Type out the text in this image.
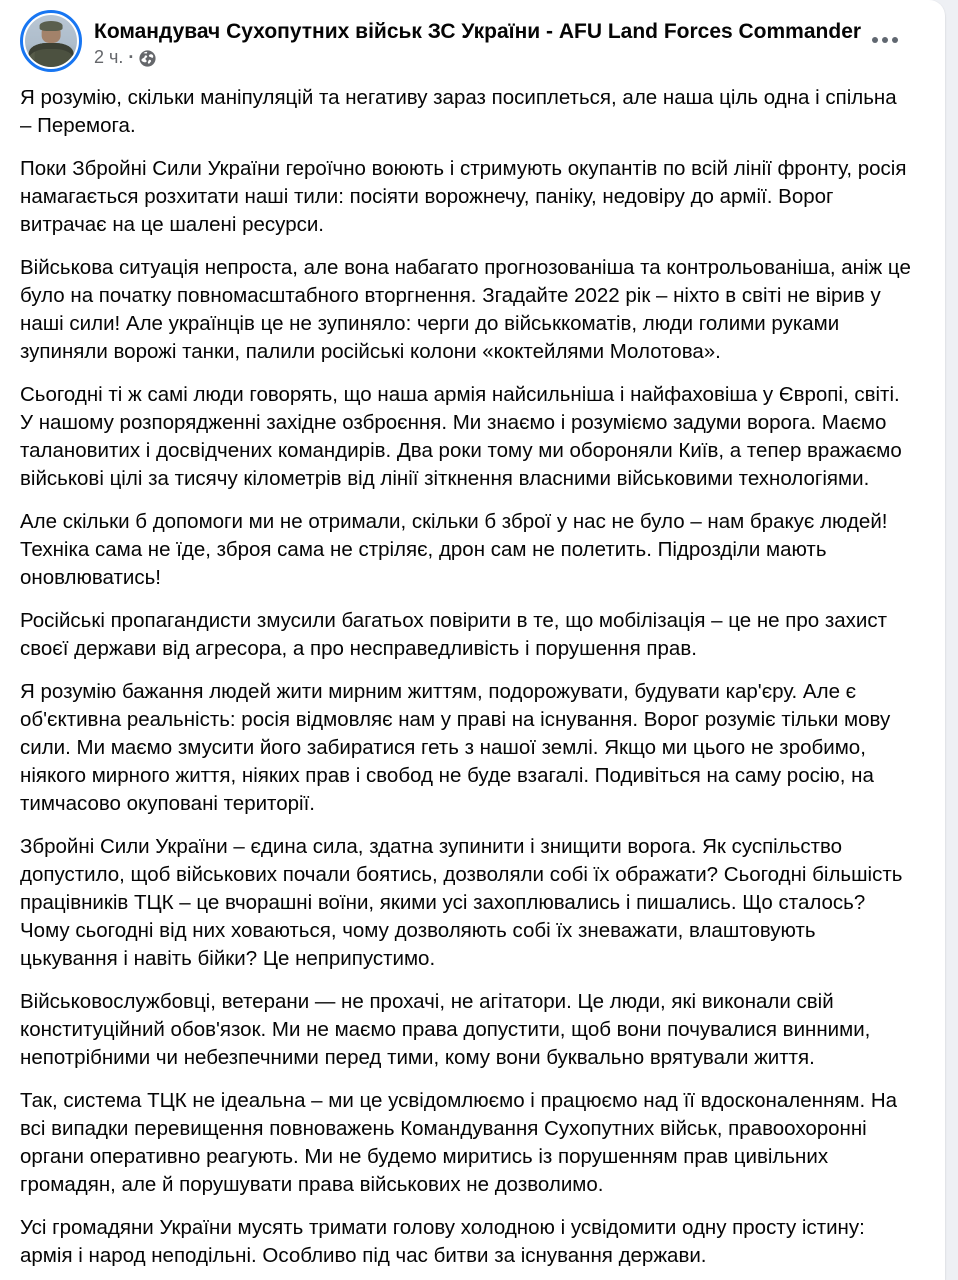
Командувач Сухопутних військ ЗС України - AFU Land Forces Commander
2 ч. ·

Я розумію, скільки маніпуляцій та негативу зараз посиплеться, але наша ціль одна і спільна – Перемога.

Поки Збройні Сили України героїчно воюють і стримують окупантів по всій лінії фронту, росія намагається розхитати наші тили: посіяти ворожнечу, паніку, недовіру до армії. Ворог витрачає на це шалені ресурси.

Військова ситуація непроста, але вона набагато прогнозованіша та контрольованіша, аніж це було на початку повномасштабного вторгнення. Згадайте 2022 рік – ніхто в світі не вірив у наші сили! Але українців це не зупиняло: черги до військкоматів, люди голими руками зупиняли ворожі танки, палили російські колони «коктейлями Молотова».

Сьогодні ті ж самі люди говорять, що наша армія найсильніша і найфаховіша у Європі, світі. У нашому розпорядженні західне озброєння. Ми знаємо і розуміємо задуми ворога. Маємо талановитих і досвідчених командирів. Два роки тому ми обороняли Київ, а тепер вражаємо військові цілі за тисячу кілометрів від лінії зіткнення власними військовими технологіями.

Але скільки б допомоги ми не отримали, скільки б зброї у нас не було – нам бракує людей! Техніка сама не їде, зброя сама не стріляє, дрон сам не полетить. Підрозділи мають оновлюватись!

Російські пропагандисти змусили багатьох повірити в те, що мобілізація – це не про захист своєї держави від агресора, а про несправедливість і порушення прав.

Я розумію бажання людей жити мирним життям, подорожувати, будувати кар'єру. Але є об'єктивна реальність: росія відмовляє нам у праві на існування. Ворог розуміє тільки мову сили. Ми маємо змусити його забиратися геть з нашої землі. Якщо ми цього не зробимо, ніякого мирного життя, ніяких прав і свобод не буде взагалі. Подивіться на саму росію, на тимчасово окуповані території.

Збройні Сили України – єдина сила, здатна зупинити і знищити ворога. Як суспільство допустило, щоб військових почали боятись, дозволяли собі їх ображати? Сьогодні більшість працівників ТЦК – це вчорашні воїни, якими усі захоплювались і пишались. Що сталось? Чому сьогодні від них ховаються, чому дозволяють собі їх зневажати, влаштовують цькування і навіть бійки? Це неприпустимо.

Військовослужбовці, ветерани — не прохачі, не агітатори. Це люди, які виконали свій конституційний обов'язок. Ми не маємо права допустити, щоб вони почувалися винними, непотрібними чи небезпечними перед тими, кому вони буквально врятували життя.

Так, система ТЦК не ідеальна – ми це усвідомлюємо і працюємо над її вдосконаленням. На всі випадки перевищення повноважень Командування Сухопутних військ, правоохоронні органи оперативно реагують. Ми не будемо миритись із порушенням прав цивільних громадян, але й порушувати права військових не дозволимо.

Усі громадяни України мусять тримати голову холодною і усвідомити одну просту істину: армія і народ неподільні. Особливо під час битви за існування держави.
